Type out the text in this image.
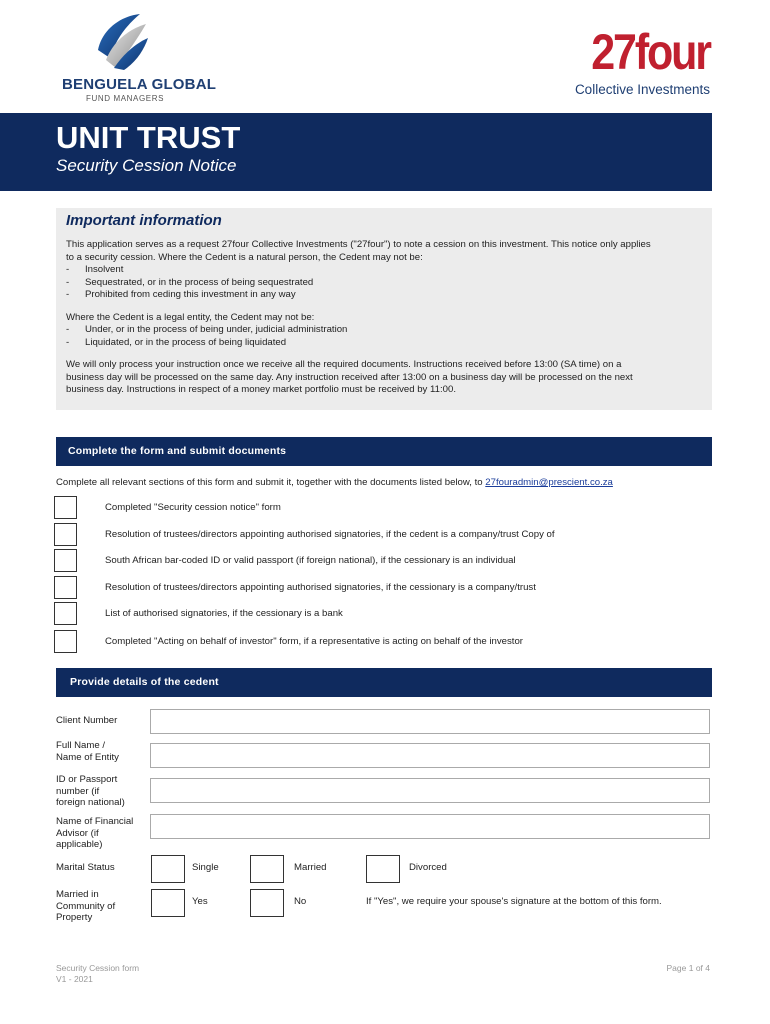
BENGUELA GLOBAL
FUND MANAGERS
27four
Collective Investments
UNIT TRUST
Security Cession Notice
Important information

This application serves as a request 27four Collective Investments ("27four") to note a cession on this investment. This notice only applies

to a security cession. Where the Cedent is a natural person, the Cedent may not be:

- Insolvent
- Sequestrated, or in the process of being sequestrated
- Prohibited from ceding this investment in any way

Where the Cedent is a legal entity, the Cedent may not be:

- Under, or in the process of being under, judicial administration
- Liquidated, or in the process of being liquidated

We will only process your instruction once we receive all the required documents. Instructions received before 13:00 (SA time) on a

business day will be processed on the same day. Any instruction received after 13:00 on a business day will be processed on the next

business day. Instructions in respect of a money market portfolio must be received by 11:00.

Complete the form and submit documents
Complete all relevant sections of this form and submit it, together with the documents listed below, to 27fouradmin@prescient.co.za
Completed "Security cession notice" form
Resolution of trustees/directors appointing authorised signatories, if the cedent is a company/trust Copy of
South African bar-coded ID or valid passport (if foreign national), if the cessionary is an individual
Resolution of trustees/directors appointing authorised signatories, if the cessionary is a company/trust
List of authorised signatories, if the cessionary is a bank
Completed "Acting on behalf of investor" form, if a representative is acting on behalf of the investor
Provide details of the cedent
Client Number
Full Name /
Name of Entity
ID or Passport
number (if
foreign national)
Name of Financial
Advisor (if
applicable)
Marital Status	Single	Married	Divorced
Married in
Community of
Property
Yes	No	If "Yes", we require your spouse's signature at the bottom of this form.
Security Cession form
V1 - 2021
Page 1 of 4
